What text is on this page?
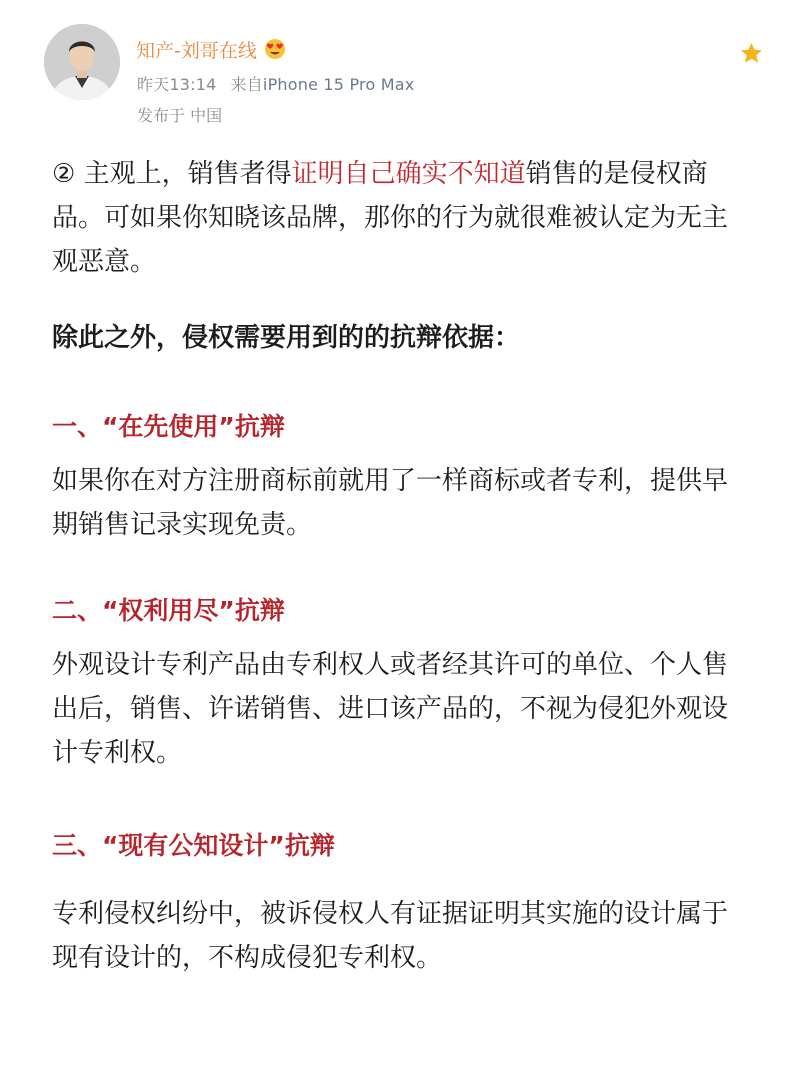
知产-刘哥在线
昨天13:14 来自iPhone 15 Pro Max
发布于 中国

② 主观上，销售者得证明自己确实不知道销售的是侵权商品。可如果你知晓该品牌，那你的行为就很难被认定为无主观恶意。

除此之外，侵权需要用到的的抗辩依据：

一、“在先使用”抗辩

如果你在对方注册商标前就用了一样商标或者专利，提供早期销售记录实现免责。

二、“权利用尽”抗辩

外观设计专利产品由专利权人或者经其许可的单位、个人售出后，销售、许诺销售、进口该产品的，不视为侵犯外观设计专利权。

三、“现有公知设计”抗辩

专利侵权纠纷中，被诉侵权人有证据证明其实施的设计属于现有设计的，不构成侵犯专利权。
